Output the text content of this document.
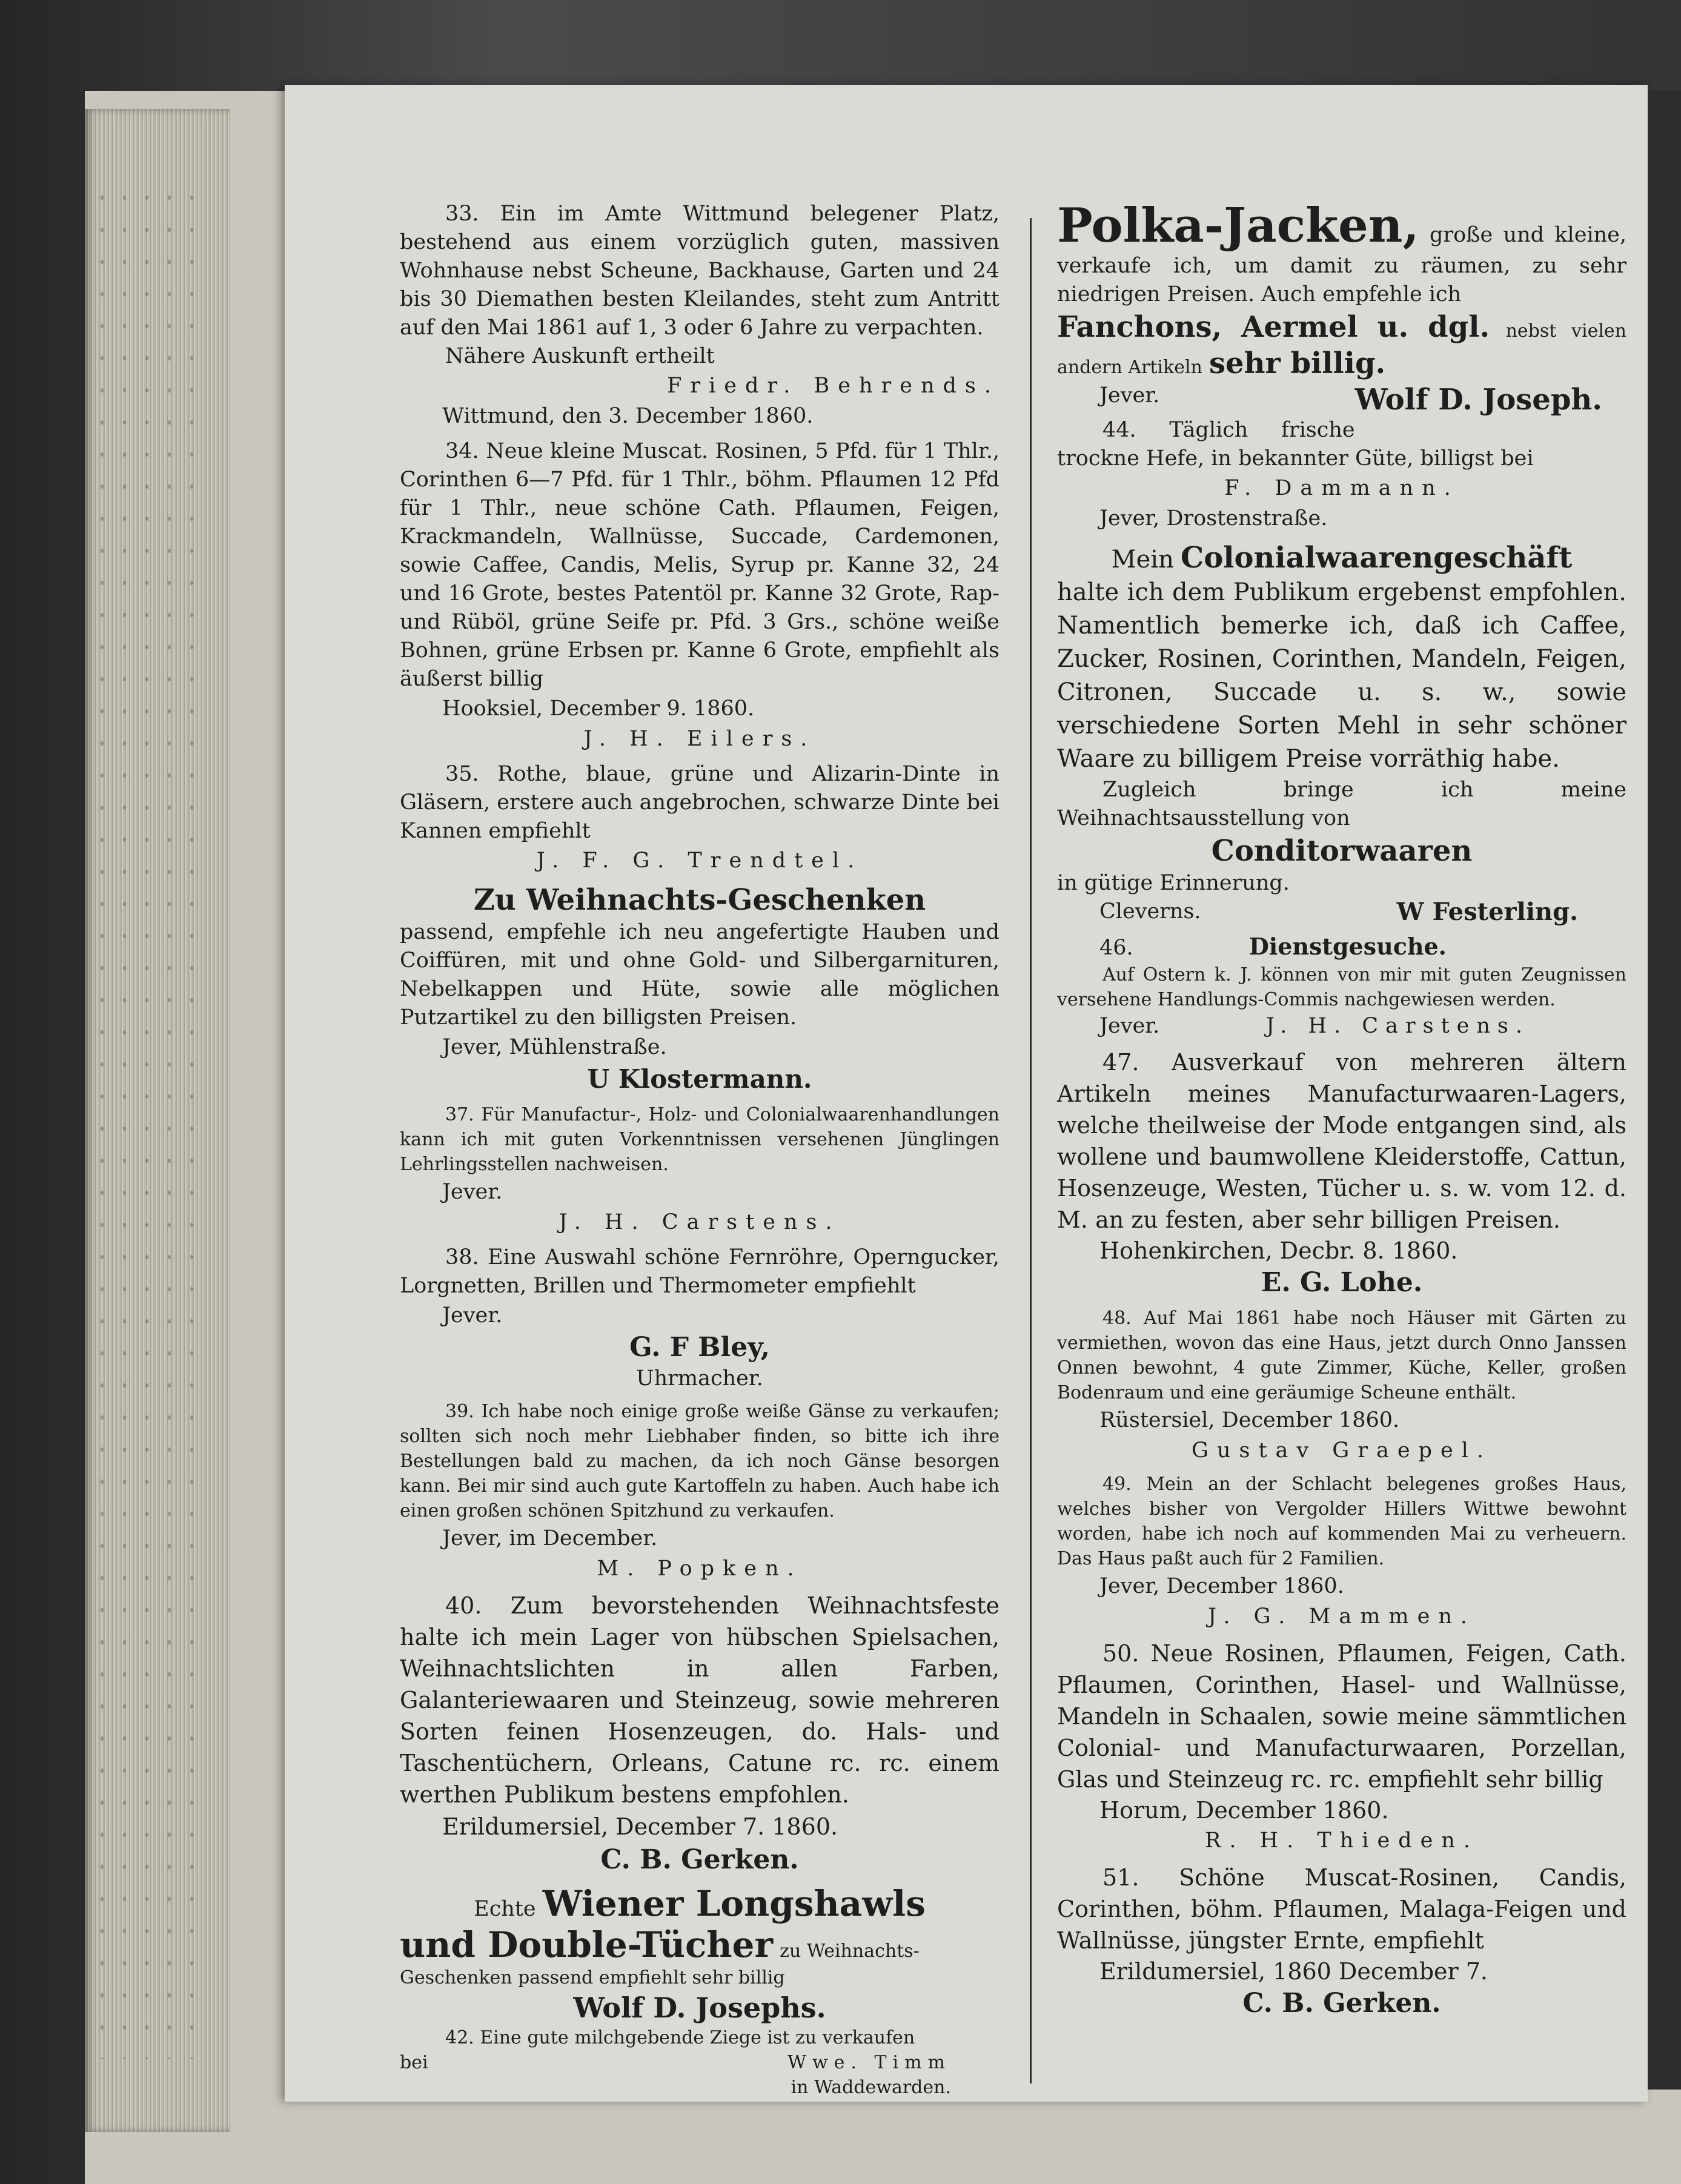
33. Ein im Amte Wittmund belegener Platz, bestehend aus einem vorzüglich guten, massiven Wohnhause nebst Scheune, Backhause, Garten und 24 bis 30 Diemathen besten Kleilandes, steht zum Antritt auf den Mai 1861 auf 1, 3 oder 6 Jahre zu verpachten.

Nähere Auskunft ertheilt

Friedr. Behrends.

Wittmund, den 3. December 1860.

34. Neue kleine Muscat. Rosinen, 5 Pfd. für 1 Thlr., Corinthen 6—7 Pfd. für 1 Thlr., böhm. Pflaumen 12 Pfd für 1 Thlr., neue schöne Cath. Pflaumen, Feigen, Krackmandeln, Wallnüsse, Succade, Cardemonen, sowie Caffee, Candis, Melis, Syrup pr. Kanne 32, 24 und 16 Grote, bestes Patentöl pr. Kanne 32 Grote, Rap- und Rüböl, grüne Seife pr. Pfd. 3 Grs., schöne weiße Bohnen, grüne Erbsen pr. Kanne 6 Grote, empfiehlt als äußerst billig

Hooksiel, December 9. 1860.

J. H. Eilers.

35. Rothe, blaue, grüne und Alizarin-Dinte in Gläsern, erstere auch angebrochen, schwarze Dinte bei Kannen empfiehlt

J. F. G. Trendtel.

Zu Weihnachts-Geschenken

passend, empfehle ich neu angefertigte Hauben und Coiffüren, mit und ohne Gold- und Silbergarnituren, Nebelkappen und Hüte, sowie alle möglichen Putzartikel zu den billigsten Preisen.

Jever, Mühlenstraße.

U Klostermann.

37. Für Manufactur-, Holz- und Colonialwaarenhandlungen kann ich mit guten Vorkenntnissen versehenen Jünglingen Lehrlingsstellen nachweisen.

Jever.

J. H. Carstens.

38. Eine Auswahl schöne Fernröhre, Operngucker, Lorgnetten, Brillen und Thermometer empfiehlt

Jever.

G. F Bley,

Uhrmacher.

39. Ich habe noch einige große weiße Gänse zu verkaufen; sollten sich noch mehr Liebhaber finden, so bitte ich ihre Bestellungen bald zu machen, da ich noch Gänse besorgen kann. Bei mir sind auch gute Kartoffeln zu haben. Auch habe ich einen großen schönen Spitzhund zu verkaufen.

Jever, im December.

M. Popken.

40. Zum bevorstehenden Weihnachtsfeste halte ich mein Lager von hübschen Spielsachen, Weihnachtslichten in allen Farben, Galanteriewaaren und Steinzeug, sowie mehreren Sorten feinen Hosenzeugen, do. Hals- und Taschentüchern, Orleans, Catune rc. rc. einem werthen Publikum bestens empfohlen.

Erildumersiel, December 7. 1860.

C. B. Gerken.

Echte Wiener Longshawls

und Double-Tücher zu Weihnachts-

Geschenken passend empfiehlt sehr billig

Wolf D. Josephs.

42. Eine gute milchgebende Ziege ist zu verkaufen

bei	Wwe. Timm

in Waddewarden.

Polka-Jacken, große und kleine, verkaufe ich, um damit zu räumen, zu sehr niedrigen Preisen. Auch empfehle ich

Fanchons, Aermel u. dgl. nebst vielen andern Artikeln sehr billig.

Jever.	Wolf D. Joseph.

44. Täglich frische trockne Hefe, in bekannter Güte, billigst bei

F. Dammann.

Jever, Drostenstraße.

Mein Colonialwaarengeschäft

halte ich dem Publikum ergebenst empfohlen. Namentlich bemerke ich, daß ich Caffee, Zucker, Rosinen, Corinthen, Mandeln, Feigen, Citronen, Succade u. s. w., sowie verschiedene Sorten Mehl in sehr schöner Waare zu billigem Preise vorräthig habe.

Zugleich bringe ich meine Weihnachtsausstellung von

Conditorwaaren

in gütige Erinnerung.

Cleverns.	W Festerling.

46.	Dienstgesuche.

Auf Ostern k. J. können von mir mit guten Zeugnissen versehene Handlungs-Commis nachgewiesen werden.

Jever.	J. H. Carstens.

47. Ausverkauf von mehreren ältern Artikeln meines Manufacturwaaren-Lagers, welche theilweise der Mode entgangen sind, als wollene und baumwollene Kleiderstoffe, Cattun, Hosenzeuge, Westen, Tücher u. s. w. vom 12. d. M. an zu festen, aber sehr billigen Preisen.

Hohenkirchen, Decbr. 8. 1860.

E. G. Lohe.

48. Auf Mai 1861 habe noch Häuser mit Gärten zu vermiethen, wovon das eine Haus, jetzt durch Onno Janssen Onnen bewohnt, 4 gute Zimmer, Küche, Keller, großen Bodenraum und eine geräumige Scheune enthält.

Rüstersiel, December 1860.

Gustav Graepel.

49. Mein an der Schlacht belegenes großes Haus, welches bisher von Vergolder Hillers Wittwe bewohnt worden, habe ich noch auf kommenden Mai zu verheuern. Das Haus paßt auch für 2 Familien.

Jever, December 1860.

J. G. Mammen.

50. Neue Rosinen, Pflaumen, Feigen, Cath. Pflaumen, Corinthen, Hasel- und Wallnüsse, Mandeln in Schaalen, sowie meine sämmtlichen Colonial- und Manufacturwaaren, Porzellan, Glas und Steinzeug rc. rc. empfiehlt sehr billig

Horum, December 1860.

R. H. Thieden.

51. Schöne Muscat-Rosinen, Candis, Corinthen, böhm. Pflaumen, Malaga-Feigen und Wallnüsse, jüngster Ernte, empfiehlt

Erildumersiel, 1860 December 7.

C. B. Gerken.
